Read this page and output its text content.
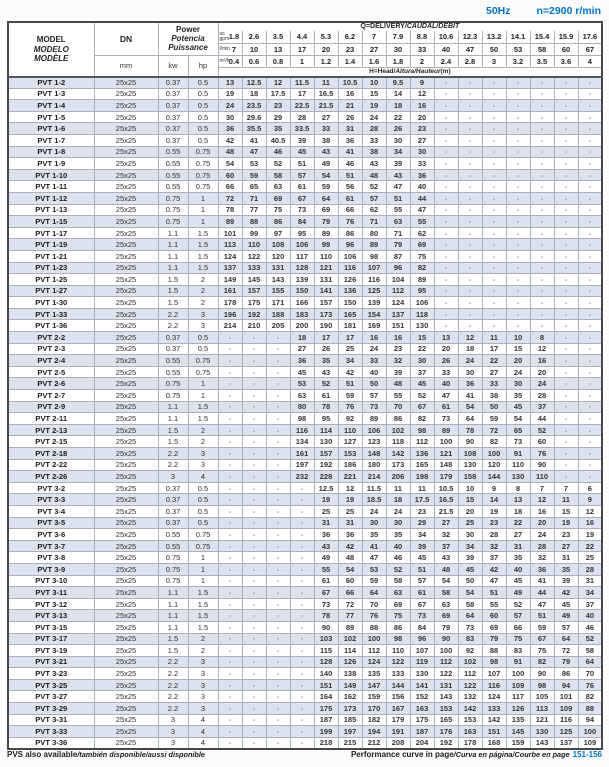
50Hz n=2900 r/min
MODEL
MODELO
MODÈLE
	DN	
Power
Potencia
Puissance
	Q=DELIVERY/CAUDAL/DÉBIT

				us
gpm 1.8	2.6	3.5	4.4	5.3	6.2	7	7.9	8.8	10.6	12.3	13.2	14.1	15.4	15.9	17.6

				l/min 7	10	13	17	20	23	27	30	33	40	47	50	53	58	60	67
	mm	kw	hp	m³/h 0.4	0.6	0.8	1	1.2	1.4	1.6	1.8	2	2.4	2.8	3	3.2	3.5	3.6	4
				H=Head/Altura/Hauteur(m)															
PVT 1-2	25x25	0.37	0.5	13	12.5	12	11.5	11	10.5	10	9.5	9	-	-	-	-	-	-	-
PVT 1-3	25x25	0.37	0.5	19	18	17.5	17	16.5	16	15	14	12	-	-	-	-	-	-	-
PVT 1-4	25x25	0.37	0.5	24	23.5	23	22.5	21.5	21	19	18	16	-	-	-	-	-	-	-
PVT 1-5	25x25	0.37	0.5	30	29.6	29	28	27	26	24	22	20	-	-	-	-	-	-	-
PVT 1-6	25x25	0.37	0.5	36	35.5	35	33.5	33	31	28	26	23	-	-	-	-	-	-	-
PVT 1-7	25x25	0.37	0.5	42	41	40.5	39	38	36	33	30	27	-	-	-	-	-	-	-
PVT 1-8	25x25	0.55	0.75	48	47	46	45	43	41	38	34	30	-	-	-	-	-	-	-
PVT 1-9	25x25	0.55	0.75	54	53	52	51	49	46	43	39	33	-	-	-	-	-	-	-
PVT 1-10	25x25	0.55	0.75	60	59	58	57	54	51	48	43	36	-	-	-	-	-	-	-
PVT 1-11	25x25	0.55	0.75	66	65	63	61	59	56	52	47	40	-	-	-	-	-	-	-
PVT 1-12	25x25	0.75	1	72	71	69	67	64	61	57	51	44	-	-	-	-	-	-	-
PVT 1-13	25x25	0.75	1	78	77	75	73	69	66	62	55	47	-	-	-	-	-	-	-
PVT 1-15	25x25	0.75	1	89	88	86	84	79	76	71	63	55	-	-	-	-	-	-	-
PVT 1-17	25x25	1.1	1.5	101	99	97	95	89	86	80	71	62	-	-	-	-	-	-	-
PVT 1-19	25x25	1.1	1.5	113	110	108	106	99	96	89	79	69	-	-	-	-	-	-	-
PVT 1-21	25x25	1.1	1.5	124	122	120	117	110	106	98	87	75	-	-	-	-	-	-	-
PVT 1-23	25x25	1.1	1.5	137	133	131	128	121	116	107	96	82	-	-	-	-	-	-	-
PVT 1-25	25x25	1.5	2	149	145	143	139	131	126	116	104	89	-	-	-	-	-	-	-
PVT 1-27	25x25	1.5	2	161	157	155	150	141	136	125	112	95	-	-	-	-	-	-	-
PVT 1-30	25x25	1.5	2	178	175	171	166	157	150	139	124	106	-	-	-	-	-	-	-
PVT 1-33	25x25	2.2	3	196	192	188	183	173	165	154	137	118	-	-	-	-	-	-	-
PVT 1-36	25x25	2.2	3	214	210	205	200	190	181	169	151	130	-	-	-	-	-	-	-
PVT 2-2	25x25	0.37	0.5	-	-	-	18	17	17	16	16	15	13	12	11	10	8	-	-
PVT 2-3	25x25	0.37	0.5	-	-	-	27	26	25	24	23	22	20	18	17	15	12	-	-
PVT 2-4	25x25	0.55	0.75	-	-	-	36	35	34	33	32	30	26	24	22	20	16	-	-
PVT 2-5	25x25	0.55	0.75	-	-	-	45	43	42	40	39	37	33	30	27	24	20	-	-
PVT 2-6	25x25	0.75	1	-	-	-	53	52	51	50	48	45	40	36	33	30	24	-	-
PVT 2-7	25x25	0.75	1	-	-	-	63	61	59	57	55	52	47	41	38	35	28	-	-
PVT 2-9	25x25	1.1	1.5	-	-	-	80	78	76	73	70	67	61	54	50	45	37	-	-
PVT 2-11	25x25	1.1	1.5	-	-	-	98	95	92	89	86	82	73	64	59	54	44	-	-
PVT 2-13	25x25	1.5	2	-	-	-	116	114	110	106	102	98	89	78	72	65	52	-	-
PVT 2-15	25x25	1.5	2	-	-	-	134	130	127	123	118	112	100	90	82	73	60	-	-
PVT 2-18	25x25	2.2	3	-	-	-	161	157	153	148	142	136	121	108	100	91	76	-	-
PVT 2-22	25x25	2.2	3	-	-	-	197	192	186	180	173	165	148	130	120	110	90	-	-
PVT 2-26	25x25	3	4	-	-	-	232	228	221	214	206	198	179	158	144	130	110	-	-
PVT 3-2	25x25	0.37	0.5	-	-	-	-	12.5	12	11.5	11	11	10.5	10	9	8	7	7	6
PVT 3-3	25x25	0.37	0.5	-	-	-	-	19	19	18.5	18	17.5	16.5	15	14	13	12	11	9
PVT 3-4	25x25	0.37	0.5	-	-	-	-	25	25	24	24	23	21.5	20	19	18	16	15	12
PVT 3-5	25x25	0.37	0.5	-	-	-	-	31	31	30	30	29	27	25	23	22	20	19	16
PVT 3-6	25x25	0.55	0.75	-	-	-	-	36	36	35	35	34	32	30	28	27	24	23	19
PVT 3-7	25x25	0.55	0.75	-	-	-	-	43	42	41	40	39	37	34	32	31	28	27	22
PVT 3-8	25x25	0.75	1	-	-	-	-	49	48	47	46	45	43	39	37	35	32	31	25
PVT 3-9	25x25	0.75	1	-	-	-	-	55	54	53	52	51	48	45	42	40	36	35	28
PVT 3-10	25x25	0.75	1	-	-	-	-	61	60	59	58	57	54	50	47	45	41	39	31
PVT 3-11	25x25	1.1	1.5	-	-	-	-	67	66	64	63	61	58	54	51	49	44	42	34
PVT 3-12	25x25	1.1	1.5	-	-	-	-	73	72	70	69	67	63	58	55	52	47	45	37
PVT 3-13	25x25	1.1	1.5	-	-	-	-	78	77	76	75	73	69	64	60	57	51	49	40
PVT 3-15	25x25	1.1	1.5	-	-	-	-	90	89	88	86	84	79	73	69	66	59	57	46
PVT 3-17	25x25	1.5	2	-	-	-	-	103	102	100	98	96	90	83	79	75	67	64	52
PVT 3-19	25x25	1.5	2	-	-	-	-	115	114	112	110	107	100	92	88	83	75	72	58
PVT 3-21	25x25	2.2	3	-	-	-	-	128	126	124	122	119	112	102	98	91	82	79	64
PVT 3-23	25x25	2.2	3	-	-	-	-	140	138	135	133	130	122	112	107	100	90	86	70
PVT 3-25	25x25	2.2	3	-	-	-	-	151	149	147	144	141	131	122	116	109	98	94	76
PVT 3-27	25x25	2.2	3	-	-	-	-	164	162	159	156	152	143	132	124	117	105	101	82
PVT 3-29	25x25	2.2	3	-	-	-	-	175	173	170	167	163	153	142	133	126	113	109	88
PVT 3-31	25x25	3	4	-	-	-	-	187	185	182	179	175	165	153	142	135	121	116	94
PVT 3-33	25x25	3	4	-	-	-	-	199	197	194	191	187	176	163	151	145	130	125	100
PVT 3-36	25x25	3	4	-	-	-	-	218	215	212	208	204	192	178	168	159	143	137	109
PVS also available/también disponible/aussi disponible	Performance curve in page/Curva en página/Courbe en page 151-156
